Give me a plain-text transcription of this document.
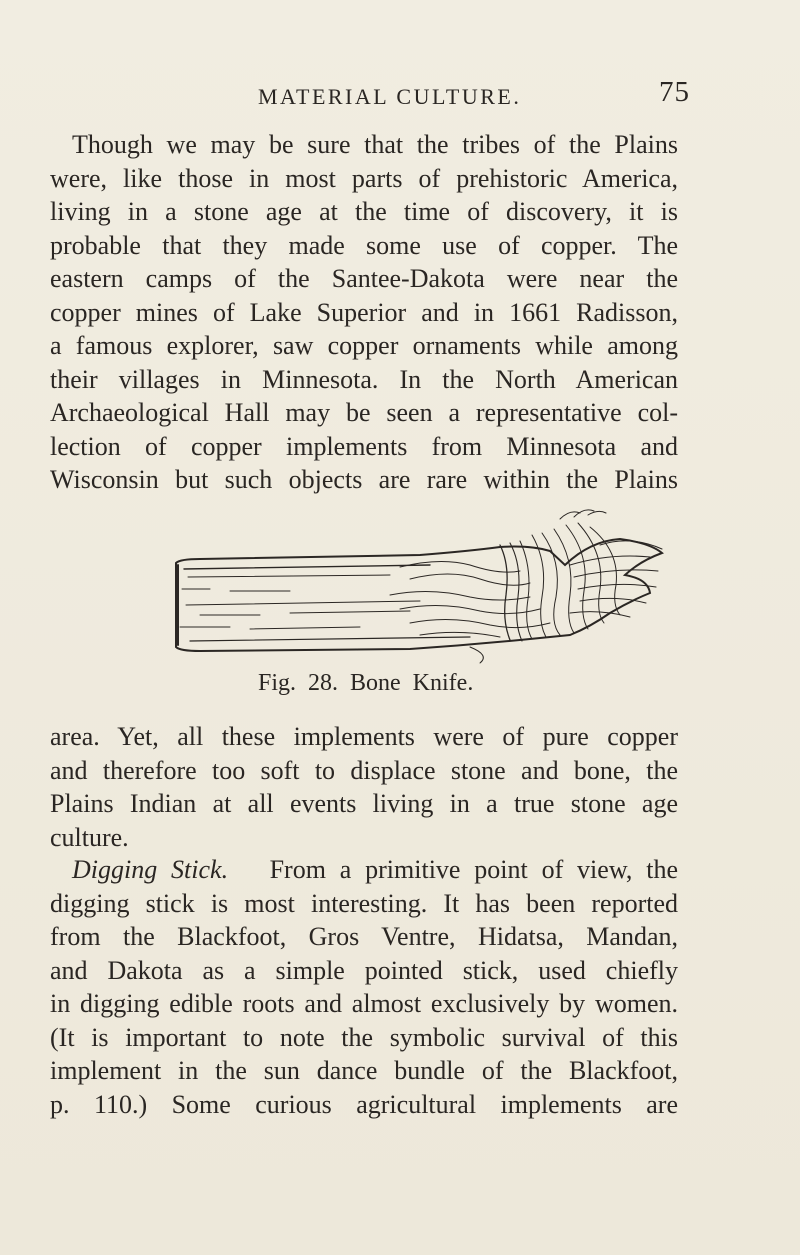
MATERIAL CULTURE.	75
Though we may be sure that the tribes of the Plains
were, like those in most parts of prehistoric America,
living in a stone age at the time of discovery, it is
probable that they made some use of copper. The
eastern camps of the Santee-Dakota were near the
copper mines of Lake Superior and in 1661 Radisson,
a famous explorer, saw copper ornaments while among
their villages in Minnesota. In the North American
Archaeological Hall may be seen a representative col-
lection of copper implements from Minnesota and
Wisconsin but such objects are rare within the Plains
Fig. 28. Bone Knife.
area. Yet, all these implements were of pure copper
and therefore too soft to displace stone and bone, the
Plains Indian at all events living in a true stone age
culture.
Digging Stick. From a primitive point of view, the
digging stick is most interesting. It has been reported
from the Blackfoot, Gros Ventre, Hidatsa, Mandan,
and Dakota as a simple pointed stick, used chiefly
in digging edible roots and almost exclusively by women.
(It is important to note the symbolic survival of this
implement in the sun dance bundle of the Blackfoot,
p. 110.) Some curious agricultural implements are
